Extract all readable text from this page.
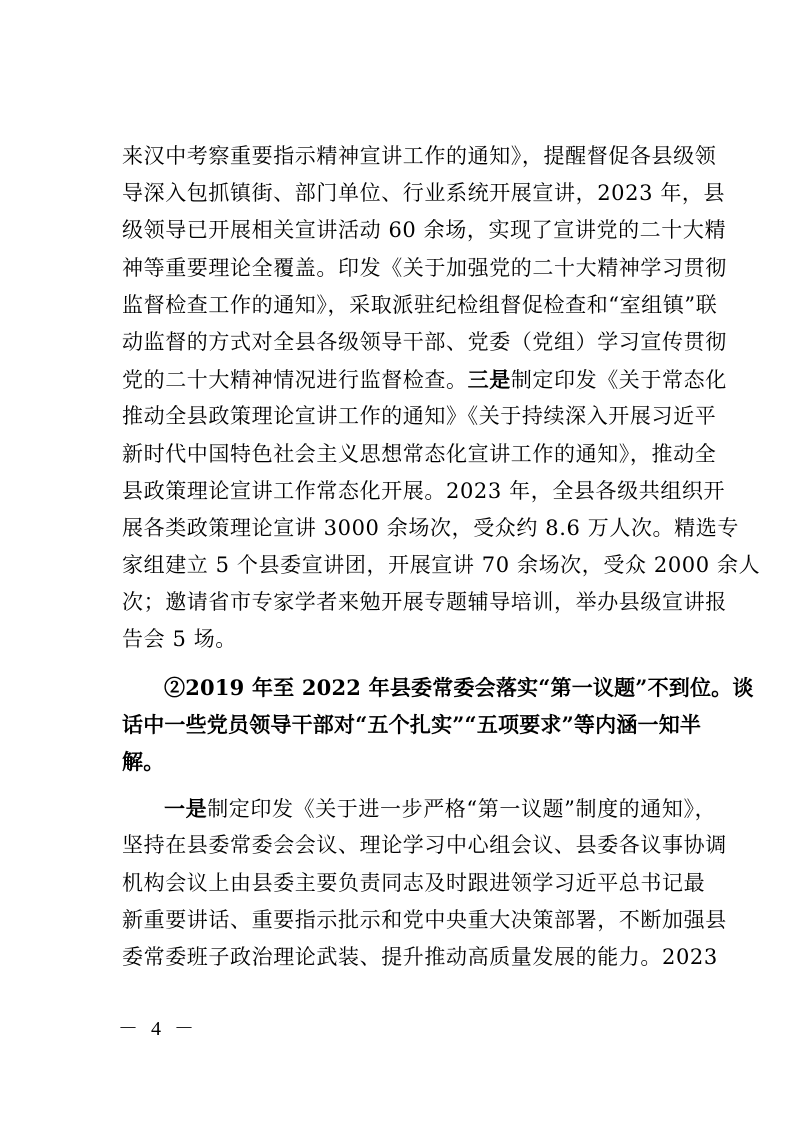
来汉中考察重要指示精神宣讲工作的通知》，提醒督促各县级领
导深入包抓镇街、部门单位、行业系统开展宣讲，2023 年，县
级领导已开展相关宣讲活动 60 余场，实现了宣讲党的二十大精
神等重要理论全覆盖。印发《关于加强党的二十大精神学习贯彻
监督检查工作的通知》，采取派驻纪检组督促检查和“室组镇”联
动监督的方式对全县各级领导干部、党委（党组）学习宣传贯彻
党的二十大精神情况进行监督检查。三是制定印发《关于常态化
推动全县政策理论宣讲工作的通知》《关于持续深入开展习近平
新时代中国特色社会主义思想常态化宣讲工作的通知》，推动全
县政策理论宣讲工作常态化开展。2023 年，全县各级共组织开
展各类政策理论宣讲 3000 余场次，受众约 8.6 万人次。精选专
家组建立 5 个县委宣讲团，开展宣讲 70 余场次，受众 2000 余人
次；邀请省市专家学者来勉开展专题辅导培训，举办县级宣讲报
告会 5 场。
②2019 年至 2022 年县委常委会落实“第一议题”不到位。谈
话中一些党员领导干部对“五个扎实”“五项要求”等内涵一知半
解。
一是制定印发《关于进一步严格“第一议题”制度的通知》，
坚持在县委常委会会议、理论学习中心组会议、县委各议事协调
机构会议上由县委主要负责同志及时跟进领学习近平总书记最
新重要讲话、重要指示批示和党中央重大决策部署，不断加强县
委常委班子政治理论武装、提升推动高质量发展的能力。2023
－ 4 －
